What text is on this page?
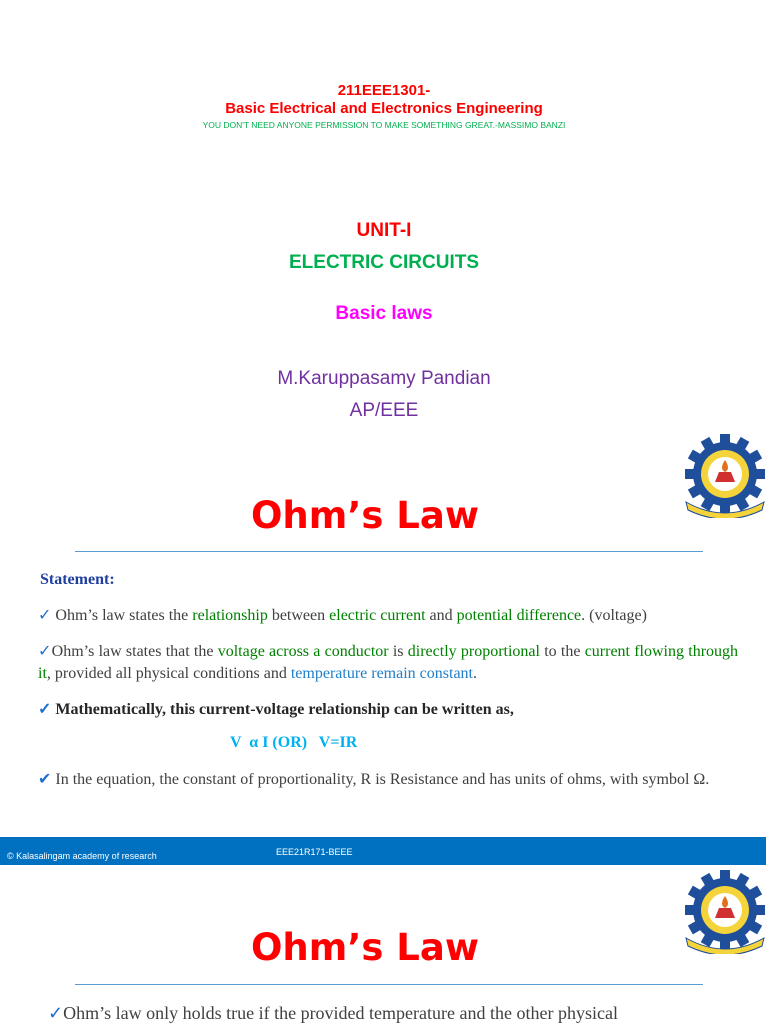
211EEE1301-
Basic Electrical and Electronics Engineering
YOU DON'T NEED ANYONE PERMISSION TO MAKE SOMETHING GREAT.-MASSIMO BANZI
UNIT-I
ELECTRIC CIRCUITS
Basic laws
M.Karuppasamy Pandian
AP/EEE
Ohm’s Law
Statement:
✓ Ohm’s law states the relationship between electric current and potential difference. (voltage)
✓Ohm’s law states that the voltage across a conductor is directly proportional to the current flowing through it, provided all physical conditions and temperature remain constant.
✓ Mathematically, this current-voltage relationship can be written as,
V  α I (OR)   V=IR
✔ In the equation, the constant of proportionality, R is Resistance and has units of ohms, with symbol Ω.
© Kalasalingam academy of research	EEE21R171-BEEE
Ohm’s Law
✓Ohm’s law only holds true if the provided temperature and the other physical
